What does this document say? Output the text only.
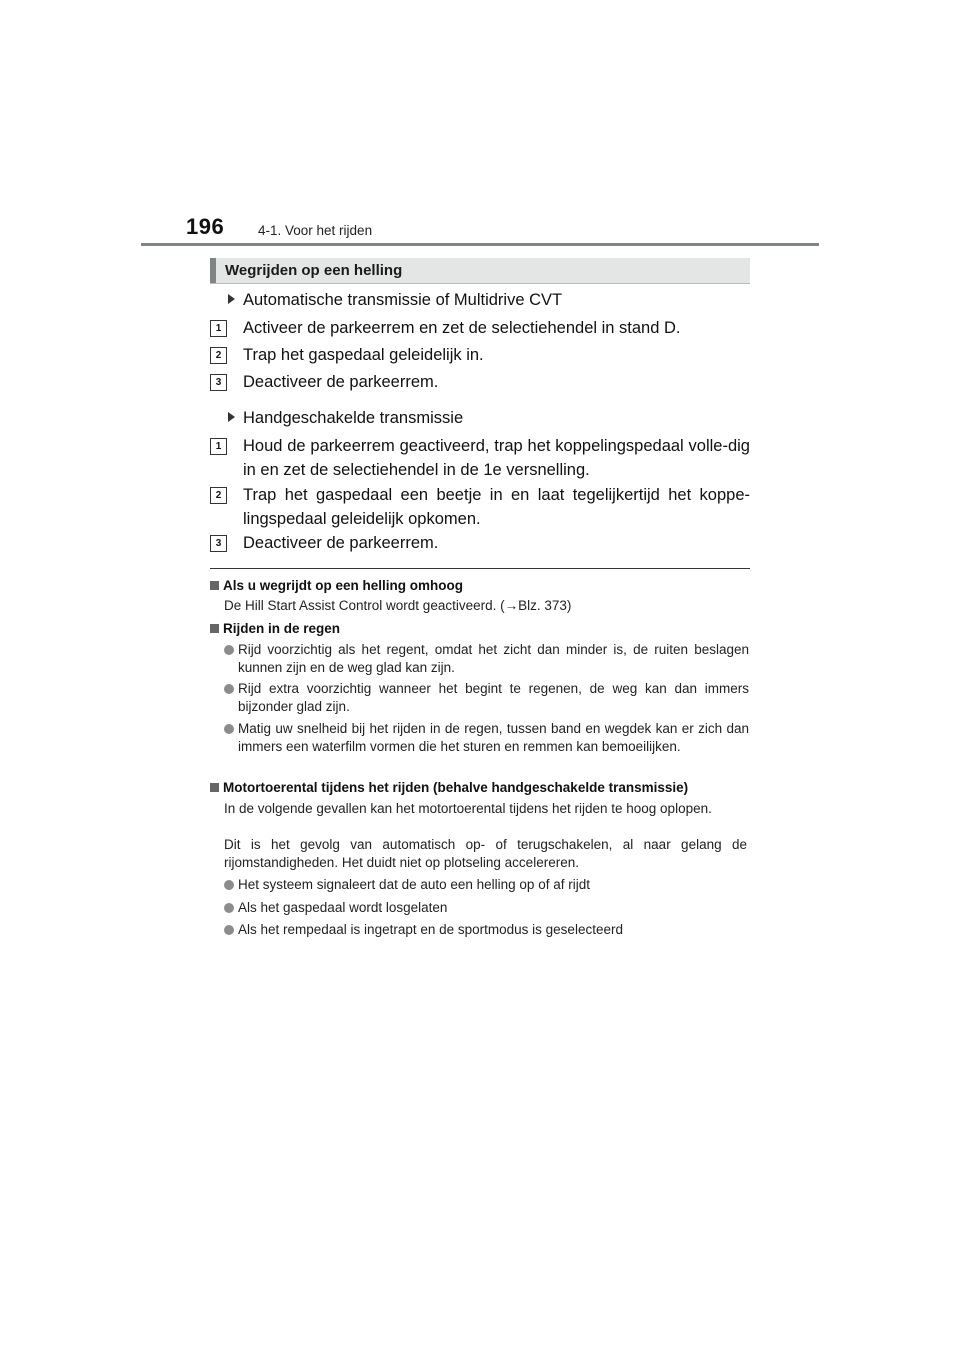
196	4-1. Voor het rijden
Wegrijden op een helling
Automatische transmissie of Multidrive CVT
1	Activeer de parkeerrem en zet de selectiehendel in stand D.
2	Trap het gaspedaal geleidelijk in.
3	Deactiveer de parkeerrem.
Handgeschakelde transmissie
1	Houd de parkeerrem geactiveerd, trap het koppelingspedaal volle-dig in en zet de selectiehendel in de 1e versnelling.
2	Trap het gaspedaal een beetje in en laat tegelijkertijd het koppe-lingspedaal geleidelijk opkomen.
3	Deactiveer de parkeerrem.
Als u wegrijdt op een helling omhoog
De Hill Start Assist Control wordt geactiveerd. (→Blz. 373)
Rijden in de regen
Rijd voorzichtig als het regent, omdat het zicht dan minder is, de ruiten beslagen kunnen zijn en de weg glad kan zijn.
Rijd extra voorzichtig wanneer het begint te regenen, de weg kan dan immers bijzonder glad zijn.
Matig uw snelheid bij het rijden in de regen, tussen band en wegdek kan er zich dan immers een waterfilm vormen die het sturen en remmen kan bemoeilijken.
Motortoerental tijdens het rijden (behalve handgeschakelde transmissie)
In de volgende gevallen kan het motortoerental tijdens het rijden te hoog oplopen.
Dit is het gevolg van automatisch op- of terugschakelen, al naar gelang de rijomstandigheden. Het duidt niet op plotseling accelereren.
Het systeem signaleert dat de auto een helling op of af rijdt
Als het gaspedaal wordt losgelaten
Als het rempedaal is ingetrapt en de sportmodus is geselecteerd
